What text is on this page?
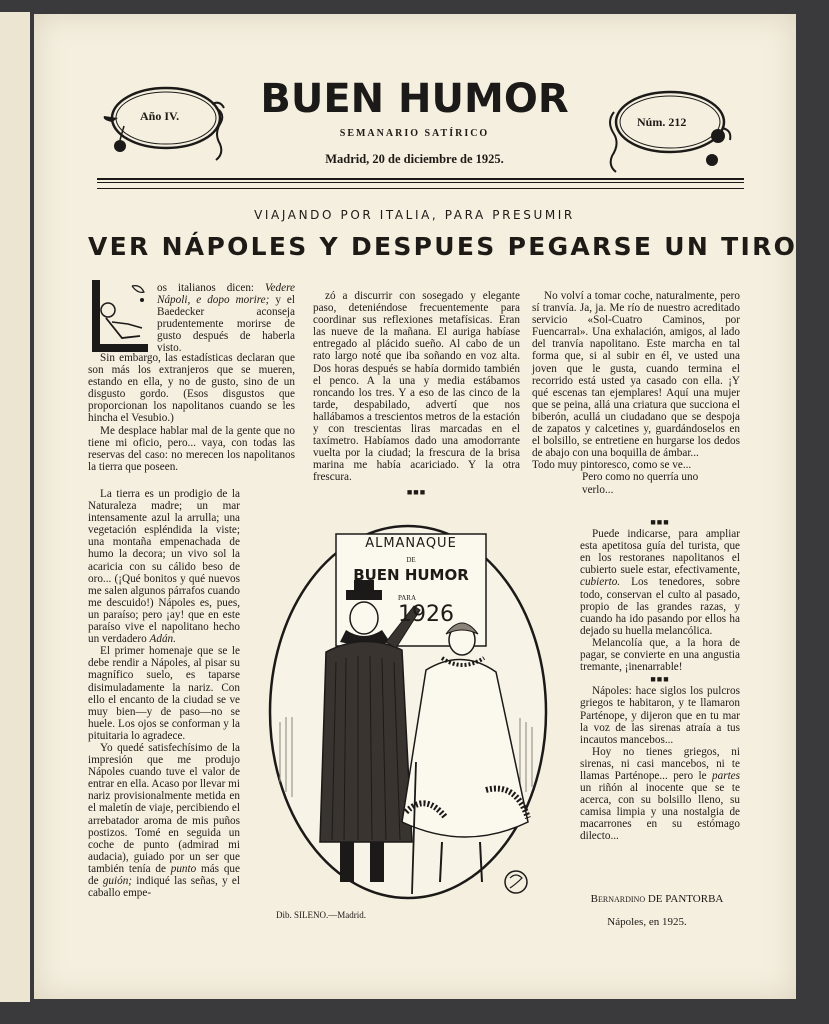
BUEN HUMOR
SEMANARIO SATÍRICO
Madrid, 20 de diciembre de 1925.
Año IV.	Núm. 212
VIAJANDO POR ITALIA, PARA PRESUMIR
VER NÁPOLES Y DESPUES PEGARSE UN TIRO

os italianos dicen: Vedere Nápoli, e dopo morire; y el Baedecker aconseja prudentemente morirse de gusto después de haberla visto.

Sin embargo, las estadísticas declaran que son más los extranjeros que se mueren, estando en ella, y no de gusto, sino de un disgusto gordo. (Esos disgustos que proporcionan los napolitanos cuando se les hincha el Vesubio.)

Me desplace hablar mal de la gente que no tiene mi oficio, pero... vaya, con todas las reservas del caso: no merecen los napolitanos la tierra que poseen.

La tierra es un prodigio de la Naturaleza madre; un mar intensamente azul la arrulla; una vegetación espléndida la viste; una montaña empenachada de humo la decora; un vivo sol la acaricia con su cálido beso de oro... (¡Qué bonitos y qué nuevos me salen algunos párrafos cuando me descuido!) Nápoles es, pues, un paraíso; pero ¡ay! que en este paraíso vive el napolitano hecho un verdadero Adán.

El primer homenaje que se le debe rendir a Nápoles, al pisar su magnífico suelo, es taparse disimuladamente la nariz. Con ello el encanto de la ciudad se ve muy bien—y de paso—no se huele. Los ojos se conforman y la pituitaria lo agradece.

Yo quedé satisfechísimo de la impresión que me produjo Nápoles cuando tuve el valor de entrar en ella. Acaso por llevar mi nariz provisionalmente metida en el maletín de viaje, percibiendo el arrebatador aroma de mis puños postizos. Tomé en seguida un coche de punto (admirad mi audacia), guiado por un ser que también tenía de punto más que de guión; indiqué las señas, y el caballo empe-

zó a discurrir con sosegado y elegante paso, deteniéndose frecuentemente para coordinar sus reflexiones metafísicas. Eran las nueve de la mañana. El auriga habíase entregado al plácido sueño. Al cabo de un rato largo noté que iba soñando en voz alta. Dos horas después se había dormido también el penco. A la una y media estábamos roncando los tres. Y a eso de las cinco de la tarde, despabilado, advertí que nos hallábamos a trescientos metros de la estación y con trescientas liras marcadas en el taxímetro. Habíamos dado una amodorrante vuelta por la ciudad; la frescura de la brisa marina me había acariciado. Y la otra frescura.

■■■

No volví a tomar coche, naturalmente, pero sí tranvía. Ja, ja. Me río de nuestro acreditado servicio «Sol-Cuatro Caminos, por Fuencarral». Una exhalación, amigos, al lado del tranvía napolitano. Este marcha en tal forma que, si al subir en él, ve usted una joven que le gusta, cuando termina el recorrido está usted ya casado con ella. ¡Y qué escenas tan ejemplares! Aquí una mujer que se peina, allá una criatura que succiona el biberón, acullá un ciudadano que se despoja de zapatos y calcetines y, guardándoselos en el bolsillo, se entretiene en hurgarse los dedos de abajo con una boquilla de ámbar...

Todo muy pintoresco, como se ve...
Pero como no querría uno
verlo...
■■■

Puede indicarse, para ampliar esta apetitosa guía del turista, que en los restoranes napolitanos el cubierto suele estar, efectivamente, cubierto. Los tenedores, sobre todo, conservan el culto al pasado, propio de las grandes razas, y cuando ha ido pasando por ellos ha dejado su huella melancólica.

Melancolía que, a la hora de pagar, se convierte en una angustia tremante, ¡inenarrable!

■■■

Nápoles: hace siglos los pulcros griegos te habitaron, y te llamaron Parténope, y dijeron que en tu mar la voz de las sirenas atraía a tus incautos mancebos...

Hoy no tienes griegos, ni sirenas, ni casi mancebos, ni te llamas Parténope... pero le partes un riñón al inocente que se te acerca, con su bolsillo lleno, su camisa limpia y una nostalgia de macarrones en su estómago dilecto...

Bernardino DE PANTORBA
Nápoles, en 1925.
ALMANAQUE
DE
BUEN HUMOR
PARA
1926
Dib. SILENO.—Madrid.
